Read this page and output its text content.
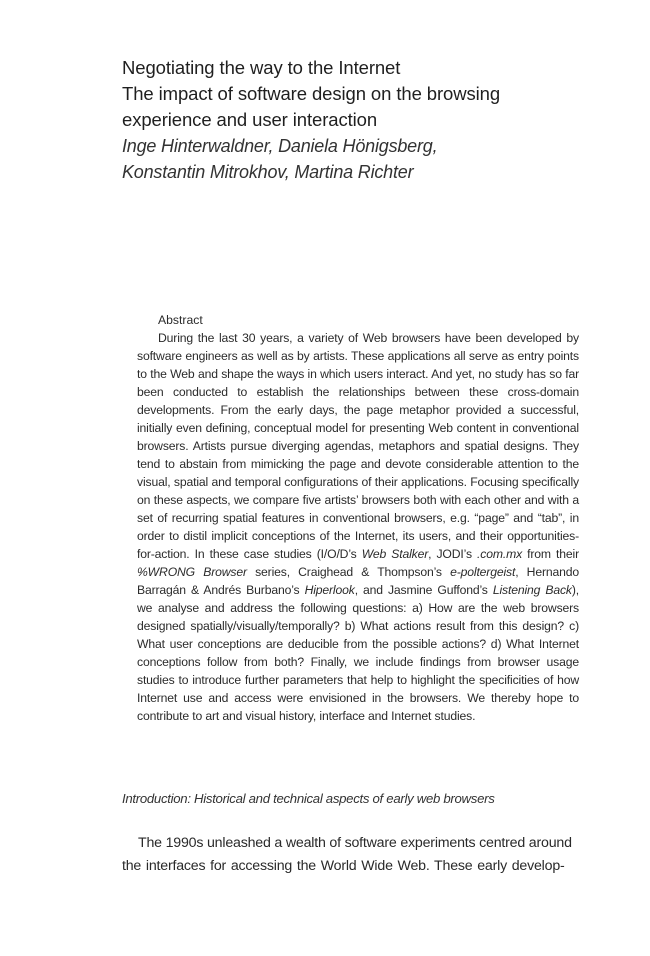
Negotiating the way to the Internet
The impact of software design on the browsing
experience and user interaction
Inge Hinterwaldner, Daniela Hönigsberg,
Konstantin Mitrokhov, Martina Richter
Abstract

During the last 30 years, a variety of Web browsers have been developed by software engineers as well as by artists. These applications all serve as entry points to the Web and shape the ways in which users interact. And yet, no study has so far been conducted to establish the relationships between these cross-domain developments. From the early days, the page metaphor provided a successful, initially even defining, conceptual model for presenting Web content in conventional browsers. Artists pursue diverging agendas, metaphors and spatial designs. They tend to abstain from mimicking the page and devote considerable attention to the visual, spatial and temporal configurations of their applications. Focusing specifically on these aspects, we compare five artists’ browsers both with each other and with a set of recurring spatial features in conventional browsers, e.g. “page” and “tab”, in order to distil implicit conceptions of the Internet, its users, and their opportunities-for-action. In these case studies (I/O/D’s Web Stalker, JODI’s .com.mx from their %WRONG Browser series, Craighead & Thompson’s e-poltergeist, Hernando Barragán & Andrés Burbano’s Hiperlook, and Jasmine Guffond’s Listening Back), we analyse and address the following questions: a) How are the web browsers designed spatially/visually/temporally? b) What actions result from this design? c) What user conceptions are deducible from the possible actions? d) What Internet conceptions follow from both? Finally, we include findings from browser usage studies to introduce further parameters that help to highlight the specificities of how Internet use and access were envisioned in the browsers. We thereby hope to contribute to art and visual history, interface and Internet studies.

Introduction: Historical and technical aspects of early web browsers
The 1990s unleashed a wealth of software experiments centred around
the interfaces for accessing the World Wide Web. These early develop-
